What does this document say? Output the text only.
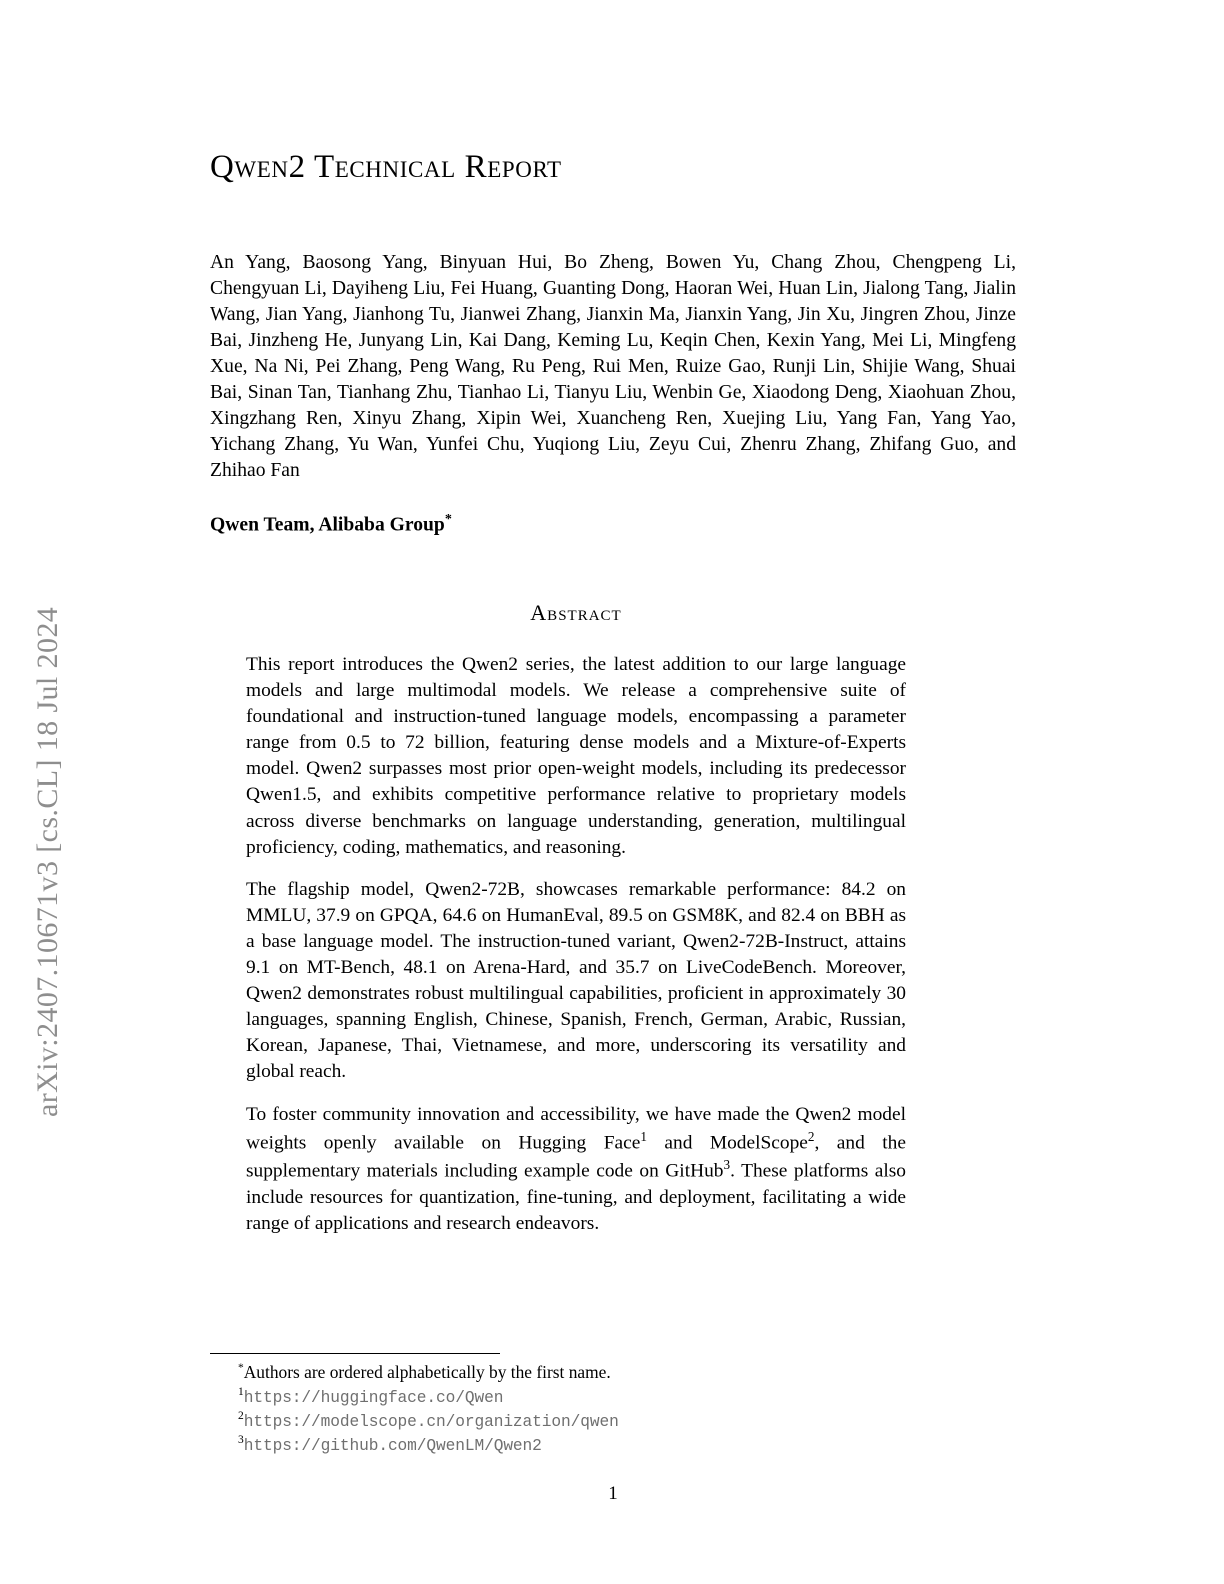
arXiv:2407.10671v3 [cs.CL] 18 Jul 2024
Qwen2 Technical Report

An Yang, Baosong Yang, Binyuan Hui, Bo Zheng, Bowen Yu, Chang Zhou, Chengpeng Li, Chengyuan Li, Dayiheng Liu, Fei Huang, Guanting Dong, Haoran Wei, Huan Lin, Jialong Tang, Jialin Wang, Jian Yang, Jianhong Tu, Jianwei Zhang, Jianxin Ma, Jianxin Yang, Jin Xu, Jingren Zhou, Jinze Bai, Jinzheng He, Junyang Lin, Kai Dang, Keming Lu, Keqin Chen, Kexin Yang, Mei Li, Mingfeng Xue, Na Ni, Pei Zhang, Peng Wang, Ru Peng, Rui Men, Ruize Gao, Runji Lin, Shijie Wang, Shuai Bai, Sinan Tan, Tianhang Zhu, Tianhao Li, Tianyu Liu, Wenbin Ge, Xiaodong Deng, Xiaohuan Zhou, Xingzhang Ren, Xinyu Zhang, Xipin Wei, Xuancheng Ren, Xuejing Liu, Yang Fan, Yang Yao, Yichang Zhang, Yu Wan, Yunfei Chu, Yuqiong Liu, Zeyu Cui, Zhenru Zhang, Zhifang Guo, and Zhihao Fan

Qwen Team, Alibaba Group*

Abstract

This report introduces the Qwen2 series, the latest addition to our large language models and large multimodal models. We release a comprehensive suite of foundational and instruction-tuned language models, encompassing a parameter range from 0.5 to 72 billion, featuring dense models and a Mixture-of-Experts model. Qwen2 surpasses most prior open-weight models, including its predecessor Qwen1.5, and exhibits competitive performance relative to proprietary models across diverse benchmarks on language understanding, generation, multilingual proficiency, coding, mathematics, and reasoning.

The flagship model, Qwen2-72B, showcases remarkable performance: 84.2 on MMLU, 37.9 on GPQA, 64.6 on HumanEval, 89.5 on GSM8K, and 82.4 on BBH as a base language model. The instruction-tuned variant, Qwen2-72B-Instruct, attains 9.1 on MT-Bench, 48.1 on Arena-Hard, and 35.7 on LiveCodeBench. Moreover, Qwen2 demonstrates robust multilingual capabilities, proficient in approximately 30 languages, spanning English, Chinese, Spanish, French, German, Arabic, Russian, Korean, Japanese, Thai, Vietnamese, and more, underscoring its versatility and global reach.

To foster community innovation and accessibility, we have made the Qwen2 model weights openly available on Hugging Face$^1$ and ModelScope$^2$, and the supplementary materials including example code on GitHub$^3$. These platforms also include resources for quantization, fine-tuning, and deployment, facilitating a wide range of applications and research endeavors.

*Authors are ordered alphabetically by the first name.

$^1$https://huggingface.co/Qwen

$^2$https://modelscope.cn/organization/qwen

$^3$https://github.com/QwenLM/Qwen2

1
